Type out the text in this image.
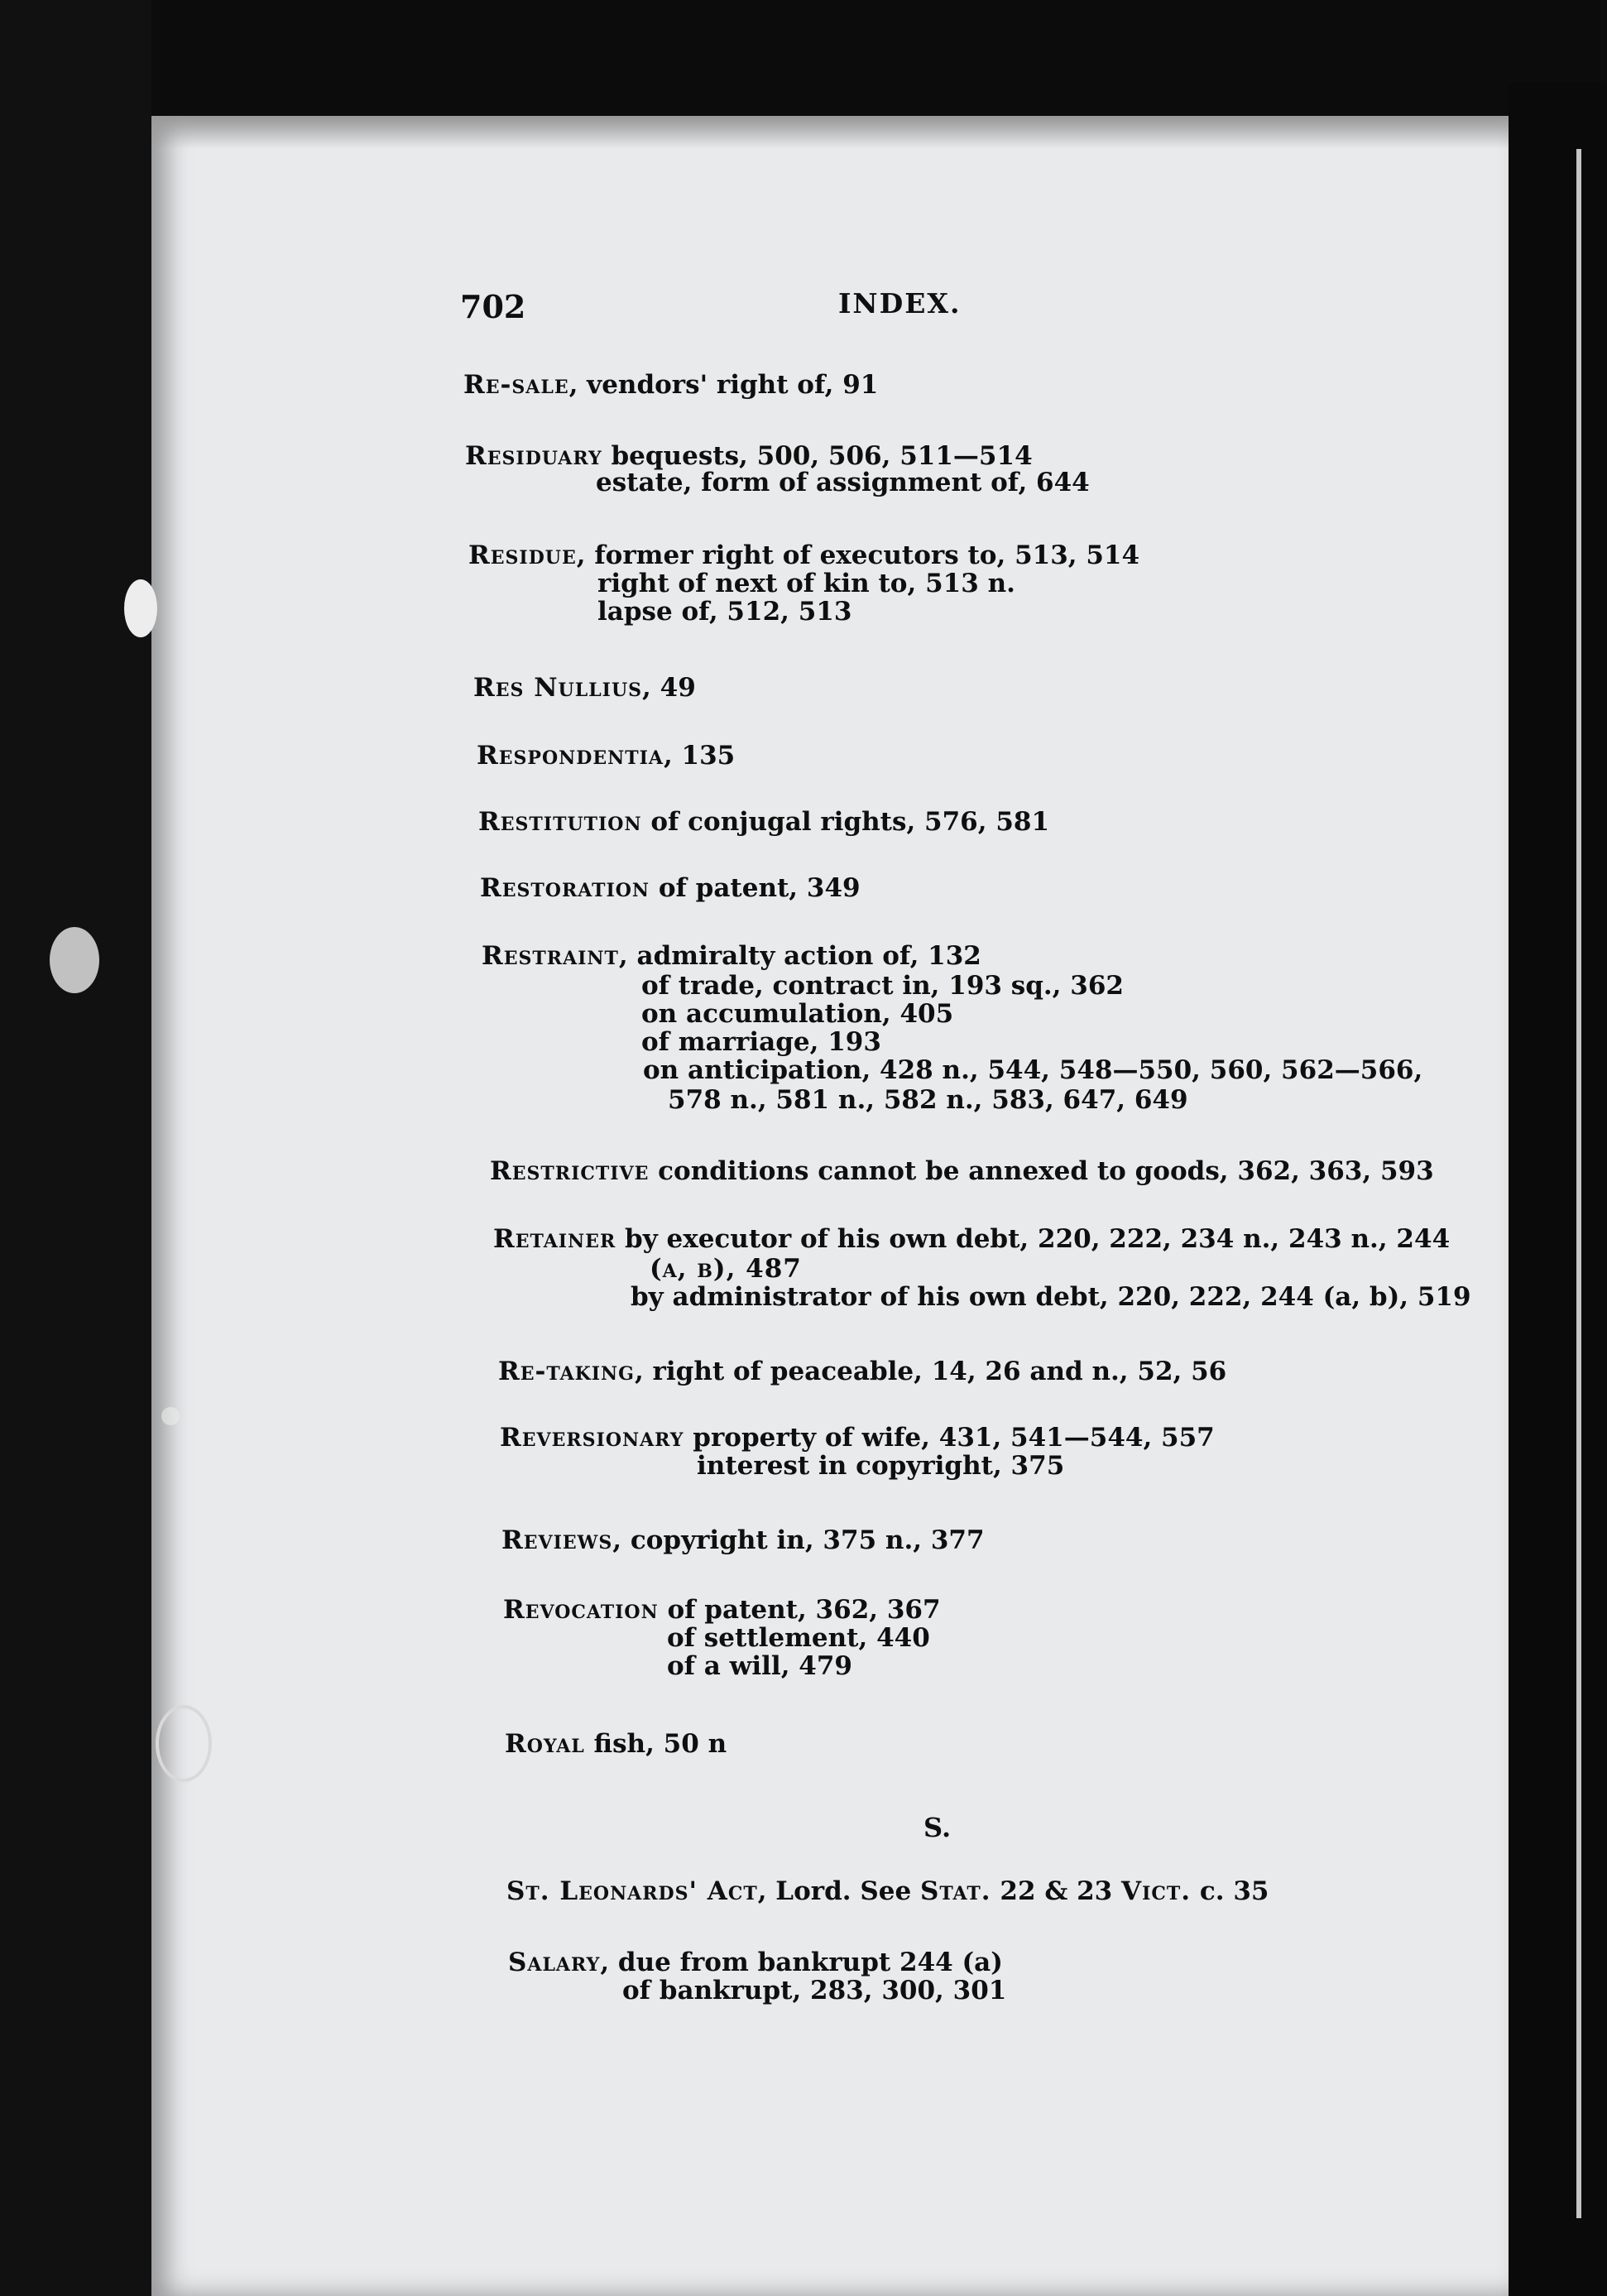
702	INDEX.
Re-sale, vendors' right of, 91
Residuary bequests, 500, 506, 511—514
estate, form of assignment of, 644
Residue, former right of executors to, 513, 514
right of next of kin to, 513 n.
lapse of, 512, 513
Res Nullius, 49
Respondentia, 135
Restitution of conjugal rights, 576, 581
Restoration of patent, 349
Restraint, admiralty action of, 132
of trade, contract in, 193 sq., 362
on accumulation, 405
of marriage, 193
on anticipation, 428 n., 544, 548—550, 560, 562—566,
578 n., 581 n., 582 n., 583, 647, 649
Restrictive conditions cannot be annexed to goods, 362, 363, 593
Retainer by executor of his own debt, 220, 222, 234 n., 243 n., 244
(a, b), 487
by administrator of his own debt, 220, 222, 244 (a, b), 519
Re-taking, right of peaceable, 14, 26 and n., 52, 56
Reversionary property of wife, 431, 541—544, 557
interest in copyright, 375
Reviews, copyright in, 375 n., 377
Revocation of patent, 362, 367
of settlement, 440
of a will, 479
Royal fish, 50 n
S.
St. Leonards' Act, Lord. See Stat. 22 & 23 Vict. c. 35
Salary, due from bankrupt 244 (a)
of bankrupt, 283, 300, 301
